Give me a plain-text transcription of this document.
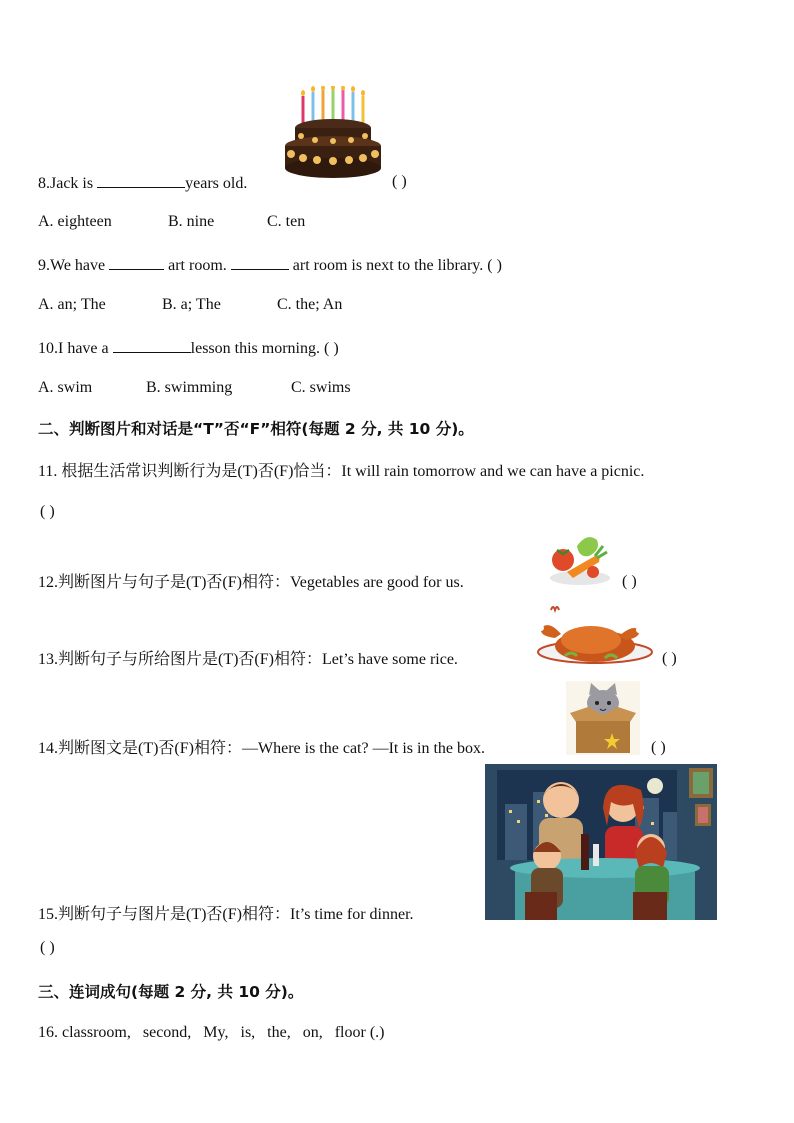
8.Jack is	years old.	( )
A. eighteen	B. nine	C. ten
9.We have	art room.	art room is next to the library. ( )
A. an; The	B. a; The	C. the; An
10.I have a	lesson this morning. ( )
A. swim	B. swimming	C. swims
二、判断图片和对话是“T”否“F”相符(每题 2 分, 共 10 分)。
11. 根据生活常识判断行为是(T)否(F)恰当：It will rain tomorrow and we can have a picnic.
( )
12.判断图片与句子是(T)否(F)相符：Vegetables are good for us.	( )
13.判断句子与所给图片是(T)否(F)相符：Let’s have some rice.	( )
14.判断图文是(T)否(F)相符：—Where is the cat? —It is in the box.	( )
15.判断句子与图片是(T)否(F)相符：It’s time for dinner.
( )
三、连词成句(每题 2 分, 共 10 分)。
16. classroom,   second,   My,   is,   the,   on,   floor (.)
